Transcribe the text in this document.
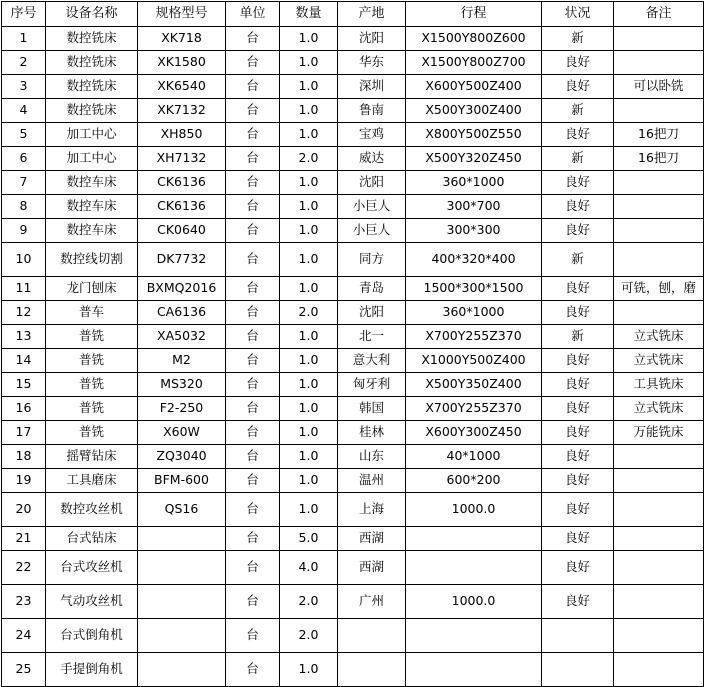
序号	设备名称	规格型号	单位	数量	产地	行程	状况	备注
1	数控铣床	XK718	台	1.0	沈阳	X1500Y800Z600	新	
2	数控铣床	XK1580	台	1.0	华东	X1500Y800Z700	良好	
3	数控铣床	XK6540	台	1.0	深圳	X600Y500Z400	良好	可以卧铣
4	数控铣床	XK7132	台	1.0	鲁南	X500Y300Z400	新	
5	加工中心	XH850	台	1.0	宝鸡	X800Y500Z550	良好	16把刀
6	加工中心	XH7132	台	2.0	威达	X500Y320Z450	新	16把刀
7	数控车床	CK6136	台	1.0	沈阳	360*1000	良好	
8	数控车床	CK6136	台	1.0	小巨人	300*700	良好	
9	数控车床	CK0640	台	1.0	小巨人	300*300	良好	
10	数控线切割	DK7732	台	1.0	同方	400*320*400	新	
11	龙门刨床	BXMQ2016	台	1.0	青岛	1500*300*1500	良好	可铣，刨，磨
12	普车	CA6136	台	2.0	沈阳	360*1000	良好	
13	普铣	XA5032	台	1.0	北一	X700Y255Z370	新	立式铣床
14	普铣	M2	台	1.0	意大利	X1000Y500Z400	良好	立式铣床
15	普铣	MS320	台	1.0	匈牙利	X500Y350Z400	良好	工具铣床
16	普铣	F2-250	台	1.0	韩国	X700Y255Z370	良好	立式铣床
17	普铣	X60W	台	1.0	桂林	X600Y300Z450	良好	万能铣床
18	摇臂钻床	ZQ3040	台	1.0	山东	40*1000	良好	
19	工具磨床	BFM-600	台	1.0	温州	600*200	良好	
20	数控攻丝机	QS16	台	1.0	上海	1000.0	良好	
21	台式钻床		台	5.0	西湖		良好	
22	台式攻丝机		台	4.0	西湖		良好	
23	气动攻丝机		台	2.0	广州	1000.0	良好	
24	台式倒角机		台	2.0				
25	手提倒角机		台	1.0				
